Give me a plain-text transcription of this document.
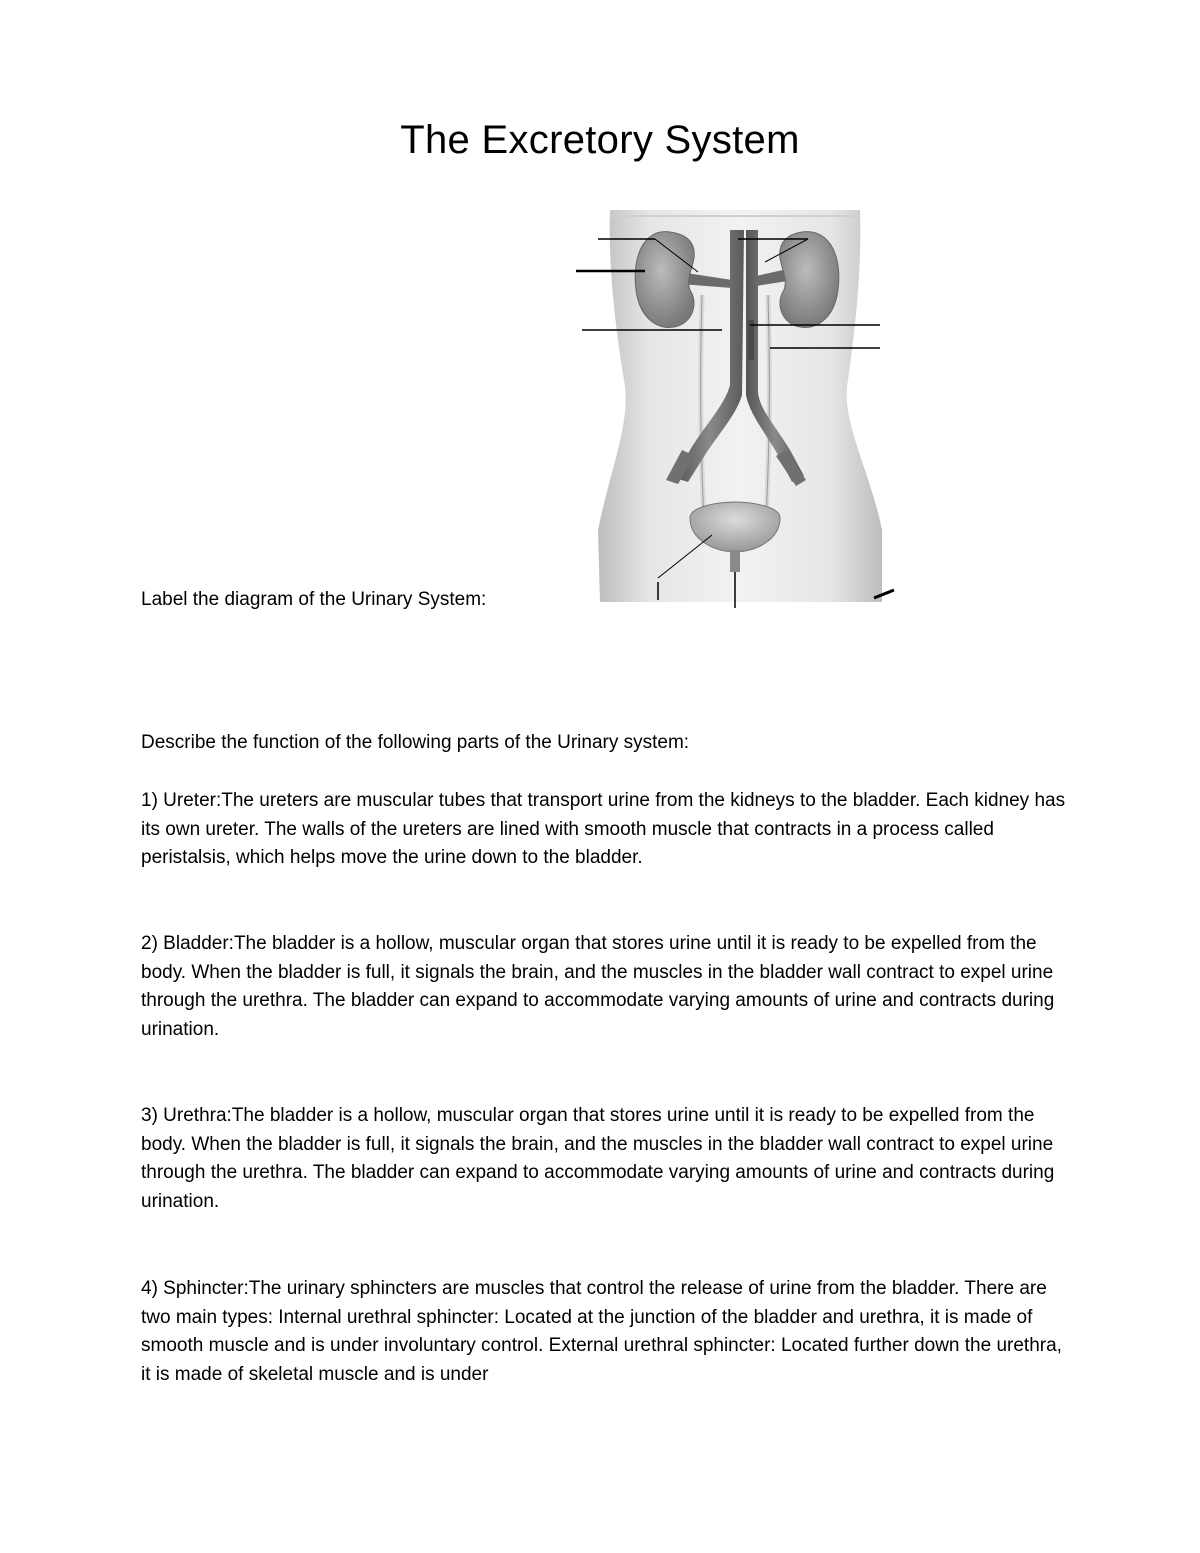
The Excretory System

Label the diagram of the Urinary System:

Describe the function of the following parts of the Urinary system:

1) Ureter:The ureters are muscular tubes that transport urine from the kidneys to the bladder. Each kidney has its own ureter. The walls of the ureters are lined with smooth muscle that contracts in a process called peristalsis, which helps move the urine down to the bladder.

2) Bladder:The bladder is a hollow, muscular organ that stores urine until it is ready to be expelled from the body. When the bladder is full, it signals the brain, and the muscles in the bladder wall contract to expel urine through the urethra. The bladder can expand to accommodate varying amounts of urine and contracts during urination.

3) Urethra:The bladder is a hollow, muscular organ that stores urine until it is ready to be expelled from the body. When the bladder is full, it signals the brain, and the muscles in the bladder wall contract to expel urine through the urethra. The bladder can expand to accommodate varying amounts of urine and contracts during urination.

4) Sphincter:The urinary sphincters are muscles that control the release of urine from the bladder. There are two main types: Internal urethral sphincter: Located at the junction of the bladder and urethra, it is made of smooth muscle and is under involuntary control. External urethral sphincter: Located further down the urethra, it is made of skeletal muscle and is under
